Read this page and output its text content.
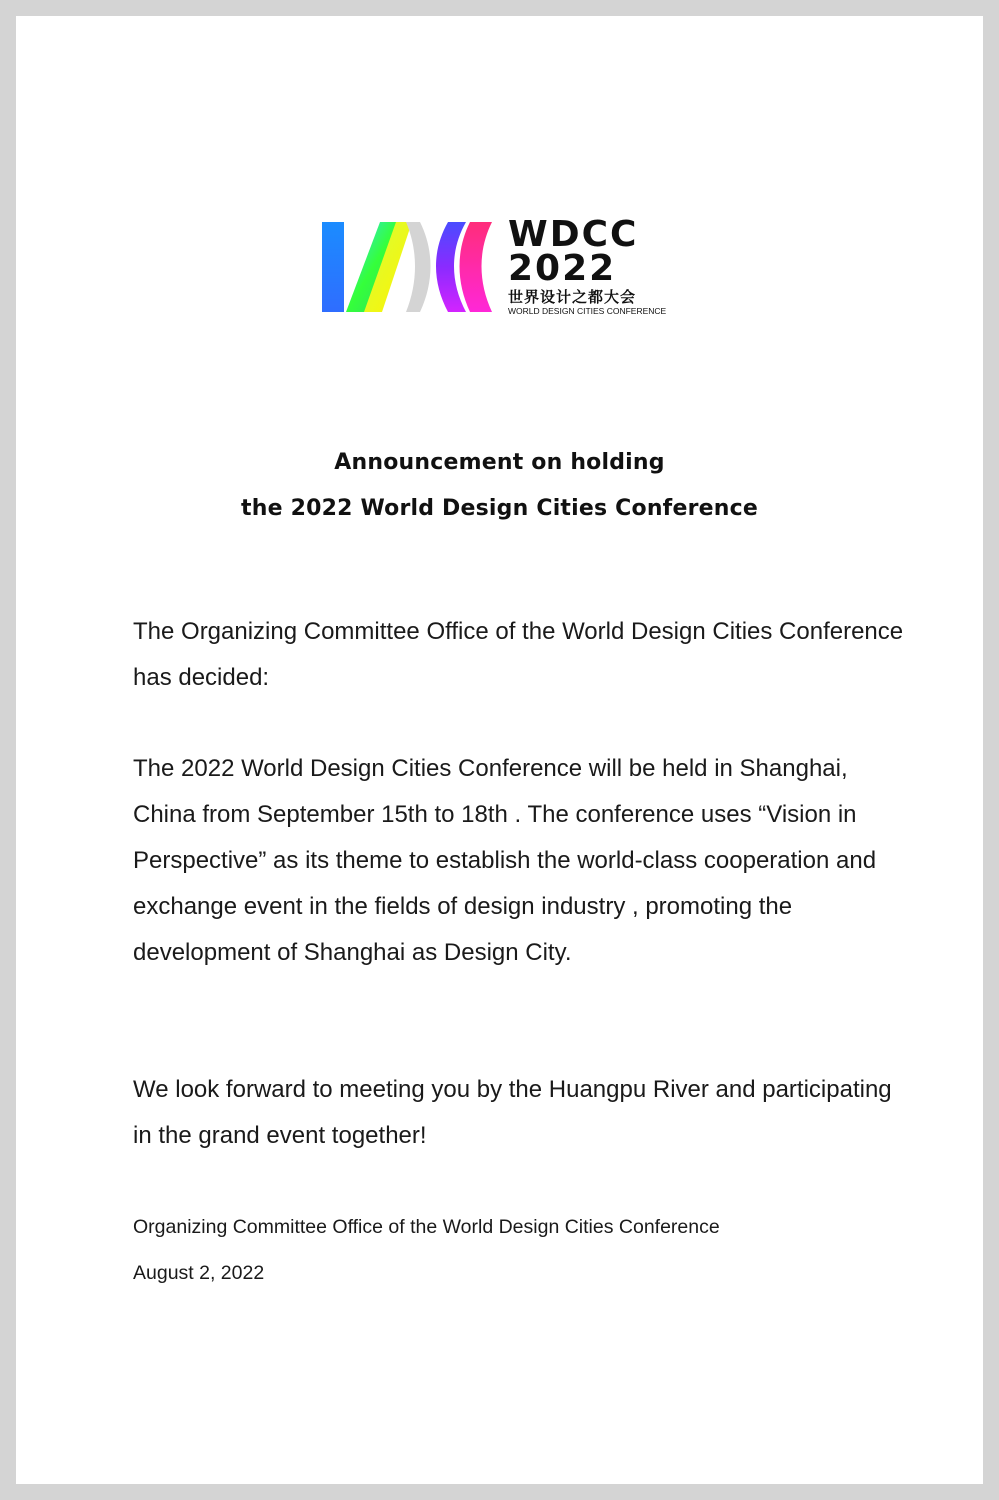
WDCC
2022
世界设计之都大会
WORLD DESIGN CITIES CONFERENCE
Announcement on holding
the 2022 World Design Cities Conference

The Organizing Committee Office of the World Design Cities Conference has decided:

The 2022 World Design Cities Conference will be held in Shanghai, China from September 15th to 18th . The conference uses “Vision in Perspective” as its theme to establish the world-class cooperation and exchange event in the fields of design industry , promoting the development of Shanghai as Design City.

We look forward to meeting you by the Huangpu River and participating in the grand event together!

Organizing Committee Office of the World Design Cities Conference
August 2, 2022
